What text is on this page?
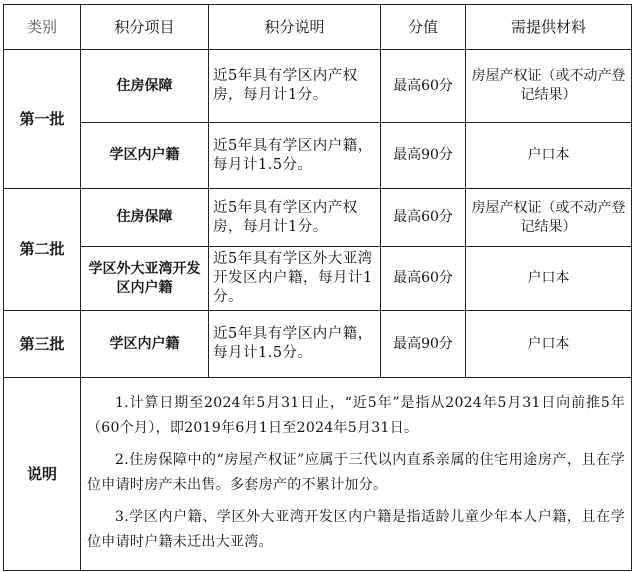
类别	积分项目	积分说明	分值	需提供材料
第一批	住房保障	近5年具有学区内产权房，每月计1分。	最高60分	房屋产权证（或不动产登记结果）
	学区内户籍	近5年具有学区内户籍，每月计1.5分。	最高90分	户口本
第二批	住房保障	近5年具有学区内产权房，每月计1分。	最高60分	房屋产权证（或不动产登记结果）
	学区外大亚湾开发区内户籍	近5年具有学区外大亚湾开发区内户籍，每月计1分。	最高60分	户口本
第三批	学区内户籍	近5年具有学区内户籍，每月计1.5分。	最高90分	户口本
说明	1.计算日期至2024年5月31日止，“近5年”是指从2024年5月31日向前推5年（60个月），即2019年6月1日至2024年5月31日。

2.住房保障中的“房屋产权证”应属于三代以内直系亲属的住宅用途房产，且在学位申请时房产未出售。多套房产的不累计加分。

3.学区内户籍、学区外大亚湾开发区内户籍是指适龄儿童少年本人户籍，且在学位申请时户籍未迁出大亚湾。			
